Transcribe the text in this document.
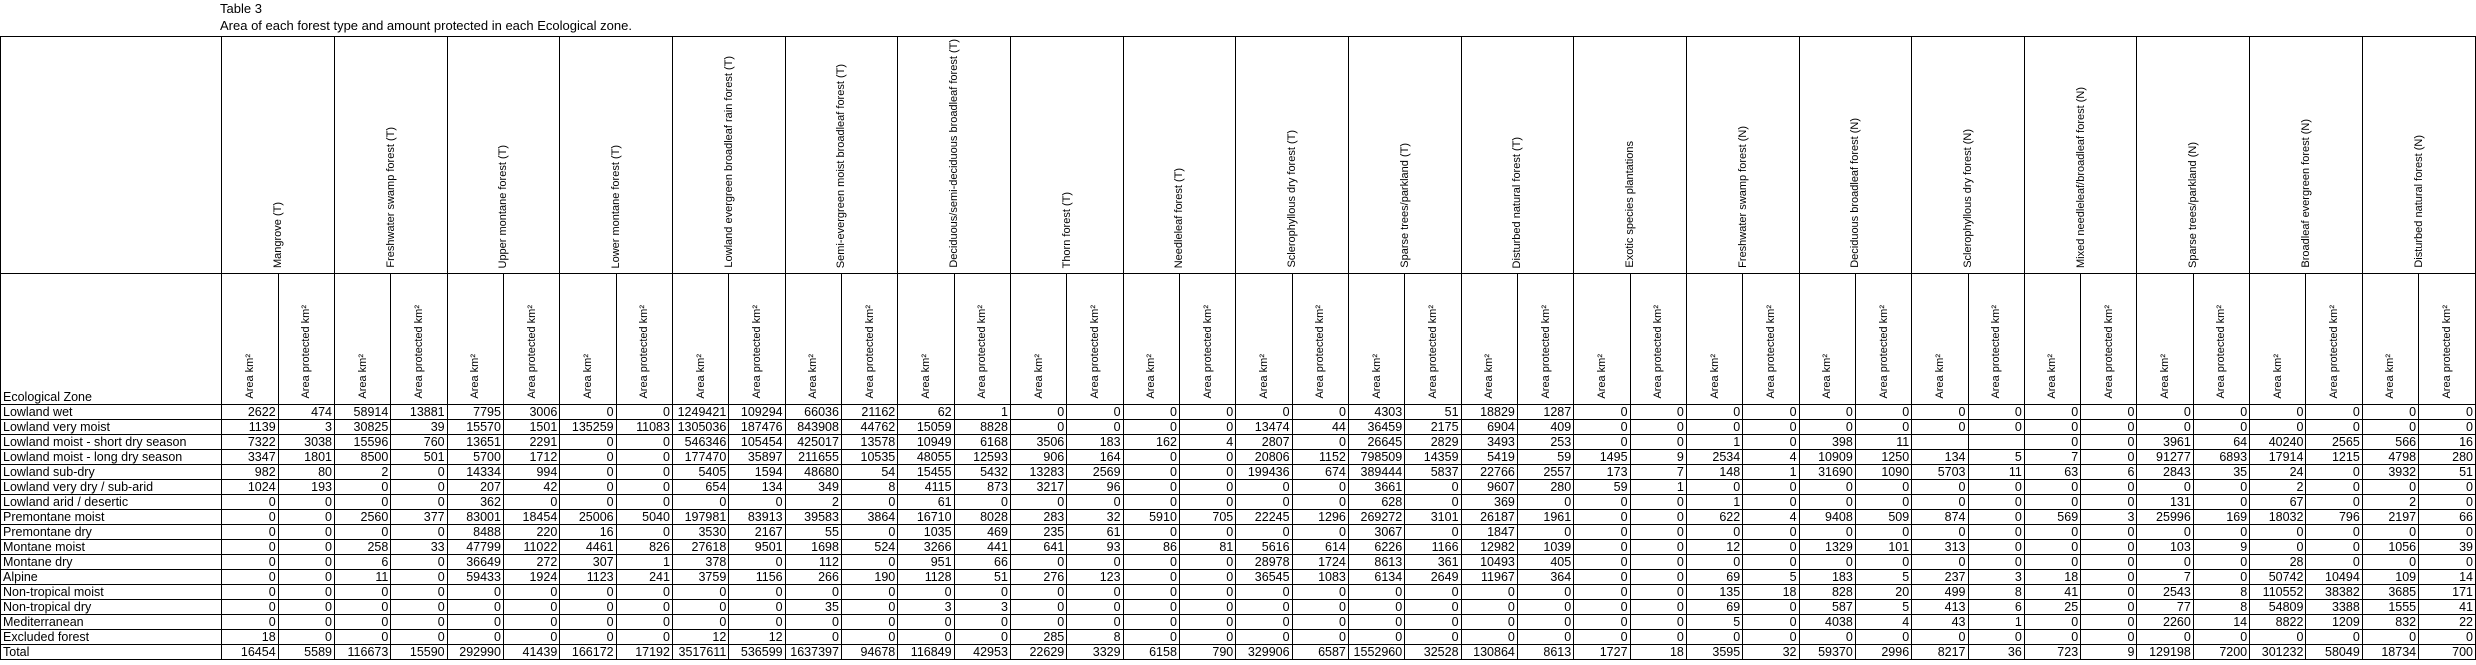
Table 3
Area of each forest type and amount protected in each Ecological zone.
	Mangrove (T)		Freshwater swamp forest (T)		Upper montane forest (T)		Lower montane forest (T)		Lowland evergreen broadleaf rain forest (T)		Semi-evergreen moist broadleaf forest (T)		Deciduous/semi-deciduous broadleaf forest (T)		Thorn forest (T)		Needleleaf forest (T)		Sclerophyllous dry forest (T)		Sparse trees/parkland (T)		Disturbed natural forest (T)		Exotic species plantations		Freshwater swamp forest (N)		Deciduous broadleaf forest (N)		Sclerophyllous dry forest (N)		Mixed needleleaf/broadleaf forest (N)		Sparse trees/parkland (N)		Broadleaf evergreen forest (N)		Disturbed natural forest (N)	
Ecological Zone	Area km²	Area protected km²	Area km²	Area protected km²	Area km²	Area protected km²	Area km²	Area protected km²	Area km²	Area protected km²	Area km²	Area protected km²	Area km²	Area protected km²	Area km²	Area protected km²	Area km²	Area protected km²	Area km²	Area protected km²	Area km²	Area protected km²	Area km²	Area protected km²	Area km²	Area protected km²	Area km²	Area protected km²	Area km²	Area protected km²	Area km²	Area protected km²	Area km²	Area protected km²	Area km²	Area protected km²	Area km²	Area protected km²	Area km²	Area protected km²
Lowland wet	2622	474	58914	13881	7795	3006	0	0	1249421	109294	66036	21162	62	1	0	0	0	0	0	0	4303	51	18829	1287	0	0	0	0	0	0	0	0	0	0	0	0	0	0	0	0
Lowland very moist	1139	3	30825	39	15570	1501	135259	11083	1305036	187476	843908	44762	15059	8828	0	0	0	0	13474	44	36459	2175	6904	409	0	0	0	0	0	0	0	0	0	0	0	0	0	0	0	0
Lowland moist - short dry season	7322	3038	15596	760	13651	2291	0	0	546346	105454	425017	13578	10949	6168	3506	183	162	4	2807	0	26645	2829	3493	253	0	0	1	0	398	11			0	0	3961	64	40240	2565	566	16
Lowland moist - long dry season	3347	1801	8500	501	5700	1712	0	0	177470	35897	211655	10535	48055	12593	906	164	0	0	20806	1152	798509	14359	5419	59	1495	9	2534	4	10909	1250	134	5	7	0	91277	6893	17914	1215	4798	280
Lowland sub-dry	982	80	2	0	14334	994	0	0	5405	1594	48680	54	15455	5432	13283	2569	0	0	199436	674	389444	5837	22766	2557	173	7	148	1	31690	1090	5703	11	63	6	2843	35	24	0	3932	51
Lowland very dry / sub-arid	1024	193	0	0	207	42	0	0	654	134	349	8	4115	873	3217	96	0	0	0	0	3661	0	9607	280	59	1	0	0	0	0	0	0	0	0	0	0	2	0	0	0
Lowland arid / desertic	0	0	0	0	362	0	0	0	0	0	2	0	61	0	0	0	0	0	0	0	628	0	369	0	0	0	1	0	0	0	0	0	0	0	131	0	67	0	2	0
Premontane moist	0	0	2560	377	83001	18454	25006	5040	197981	83913	39583	3864	16710	8028	283	32	5910	705	22245	1296	269272	3101	26187	1961	0	0	622	4	9408	509	874	0	569	3	25996	169	18032	796	2197	66
Premontane dry	0	0	0	0	8488	220	16	0	3530	2167	55	0	1035	469	235	61	0	0	0	0	3067	0	1847	0	0	0	0	0	0	0	0	0	0	0	0	0	0	0	0	0
Montane moist	0	0	258	33	47799	11022	4461	826	27618	9501	1698	524	3266	441	641	93	86	81	5616	614	6226	1166	12982	1039	0	0	12	0	1329	101	313	0	0	0	103	9	0	0	1056	39
Montane dry	0	0	6	0	36649	272	307	1	378	0	112	0	951	66	0	0	0	0	28978	1724	8613	361	10493	405	0	0	0	0	0	0	0	0	0	0	0	0	28	0	0	0
Alpine	0	0	11	0	59433	1924	1123	241	3759	1156	266	190	1128	51	276	123	0	0	36545	1083	6134	2649	11967	364	0	0	69	5	183	5	237	3	18	0	7	0	50742	10494	109	14
Non-tropical moist	0	0	0	0	0	0	0	0	0	0	0	0	0	0	0	0	0	0	0	0	0	0	0	0	0	0	135	18	828	20	499	8	41	0	2543	8	110552	38382	3685	171
Non-tropical dry	0	0	0	0	0	0	0	0	0	0	35	0	3	3	0	0	0	0	0	0	0	0	0	0	0	0	69	0	587	5	413	6	25	0	77	8	54809	3388	1555	41
Mediterranean	0	0	0	0	0	0	0	0	0	0	0	0	0	0	0	0	0	0	0	0	0	0	0	0	0	0	5	0	4038	4	43	1	0	0	2260	14	8822	1209	832	22
Excluded forest	18	0	0	0	0	0	0	0	12	12	0	0	0	0	285	8	0	0	0	0	0	0	0	0	0	0	0	0	0	0	0	0	0	0	0	0	0	0	0	0
Total	16454	5589	116673	15590	292990	41439	166172	17192	3517611	536599	1637397	94678	116849	42953	22629	3329	6158	790	329906	6587	1552960	32528	130864	8613	1727	18	3595	32	59370	2996	8217	36	723	9	129198	7200	301232	58049	18734	700
